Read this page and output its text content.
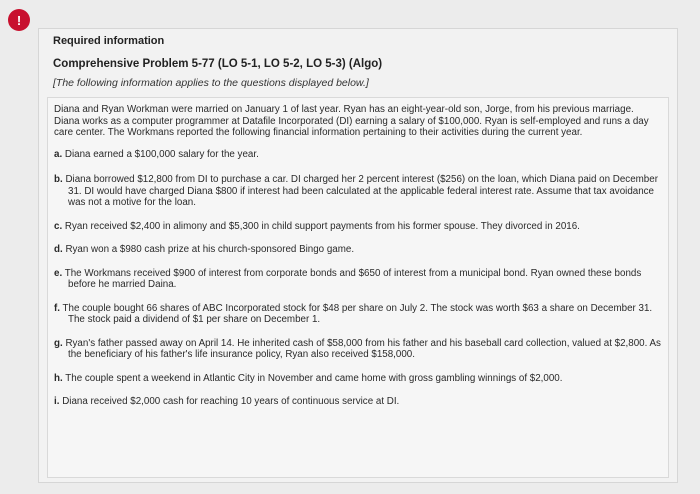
!
Required information
Comprehensive Problem 5-77 (LO 5-1, LO 5-2, LO 5-3) (Algo)
[The following information applies to the questions displayed below.]

Diana and Ryan Workman were married on January 1 of last year. Ryan has an eight-year-old son, Jorge, from his previous marriage. Diana works as a computer programmer at Datafile Incorporated (DI) earning a salary of $100,000. Ryan is self-employed and runs a day care center. The Workmans reported the following financial information pertaining to their activities during the current year.

a. Diana earned a $100,000 salary for the year.

b. Diana borrowed $12,800 from DI to purchase a car. DI charged her 2 percent interest ($256) on the loan, which Diana paid on December 31. DI would have charged Diana $800 if interest had been calculated at the applicable federal interest rate. Assume that tax avoidance was not a motive for the loan.

c. Ryan received $2,400 in alimony and $5,300 in child support payments from his former spouse. They divorced in 2016.

d. Ryan won a $980 cash prize at his church-sponsored Bingo game.

e. The Workmans received $900 of interest from corporate bonds and $650 of interest from a municipal bond. Ryan owned these bonds before he married Daina.

f. The couple bought 66 shares of ABC Incorporated stock for $48 per share on July 2. The stock was worth $63 a share on December 31. The stock paid a dividend of $1 per share on December 1.

g. Ryan's father passed away on April 14. He inherited cash of $58,000 from his father and his baseball card collection, valued at $2,800. As the beneficiary of his father's life insurance policy, Ryan also received $158,000.

h. The couple spent a weekend in Atlantic City in November and came home with gross gambling winnings of $2,000.

i. Diana received $2,000 cash for reaching 10 years of continuous service at DI.
